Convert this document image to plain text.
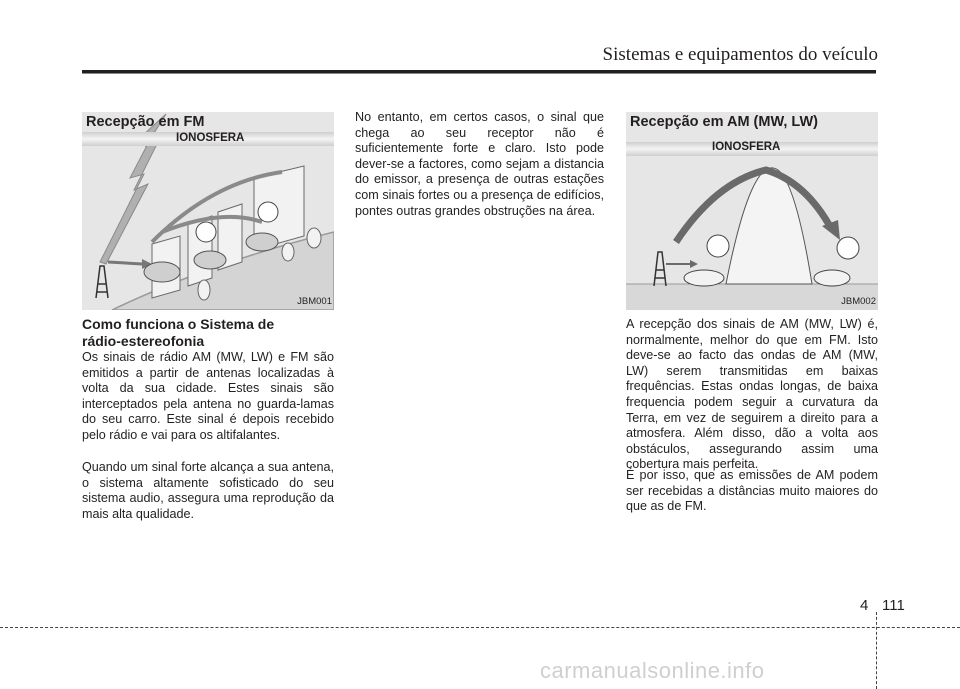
Sistemas e equipamentos do veículo
Recepção em FM
IONOSFERA
JBM001
Recepção em AM (MW, LW)
IONOSFERA
JBM002
Como funciona o Sistema de rádio-estereofonia

Os sinais de rádio AM (MW, LW) e FM são emitidos a partir de antenas localizadas à volta da sua cidade. Estes sinais são interceptados pela antena no guarda-lamas do seu carro. Este sinal é depois recebido pelo rádio e vai para os altifalantes.

Quando um sinal forte alcança a sua antena, o sistema altamente sofisticado do seu sistema audio, assegura uma reprodução da mais alta qualidade.

No entanto, em certos casos, o sinal que chega ao seu receptor não é suficientemente forte e claro. Isto pode dever-se a factores, como sejam a distancia do emissor, a presença de outras estações com sinais fortes ou a presença de edifícios, pontes outras grandes obstruções na área.

A recepção dos sinais de AM (MW, LW) é, normalmente, melhor do que em FM. Isto deve-se ao facto das ondas de AM (MW, LW) serem transmitidas em baixas frequências. Estas ondas longas, de baixa frequencia podem seguir a curvatura da Terra, em vez de seguirem a direito para a atmosfera. Além disso, dão a volta aos obstáculos, assegurando assim uma cobertura mais perfeita.

É por isso, que as emissões de AM podem ser recebidas a distâncias muito maiores do que as de FM.

4 111
carmanualsonline.info
